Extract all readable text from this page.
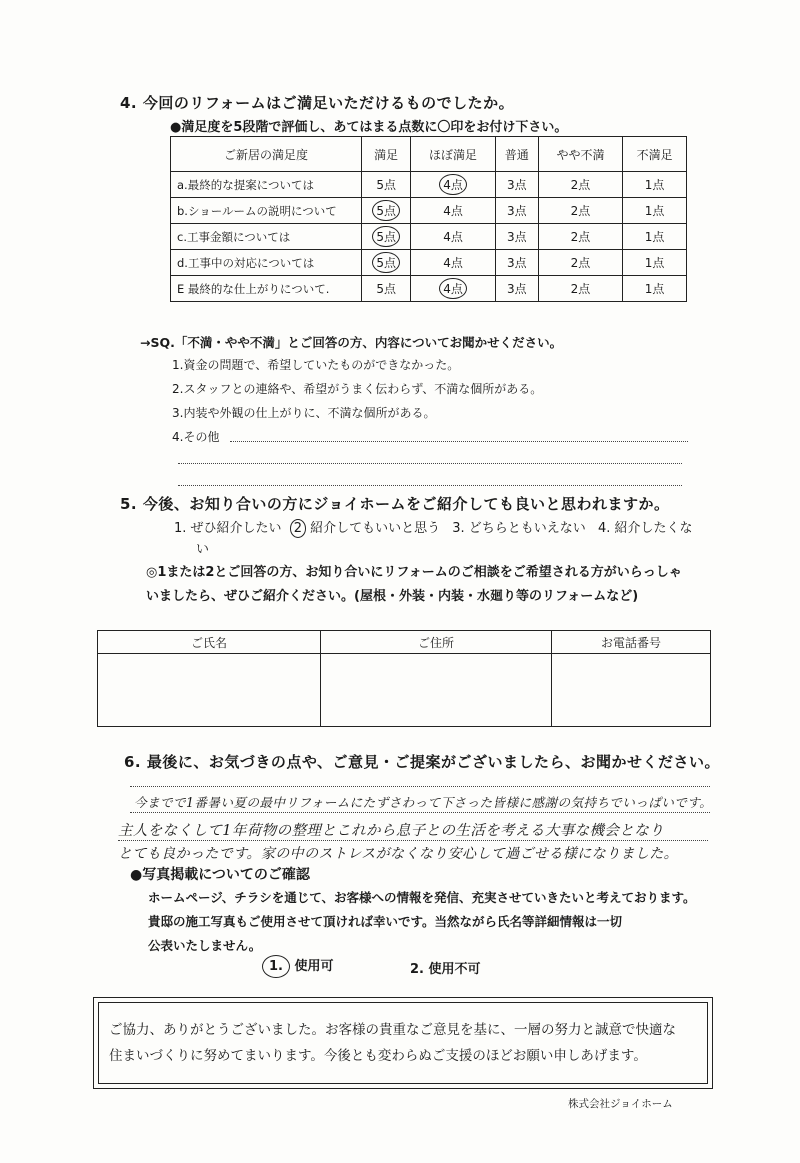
4. 今回のリフォームはご満足いただけるものでしたか。
●満足度を5段階で評価し、あてはまる点数に〇印をお付け下さい。
ご新居の満足度	満足	ほぼ満足	普通	やや不満	不満足
a.最終的な提案については	5点	4点	3点	2点	1点
b.ショールームの説明について	5点	4点	3点	2点	1点
c.工事金額については	5点	4点	3点	2点	1点
d.工事中の対応については	5点	4点	3点	2点	1点
E 最終的な仕上がりについて.	5点	4点	3点	2点	1点
→SQ.「不満・やや不満」とご回答の方、内容についてお聞かせください。
1.資金の問題で、希望していたものができなかった。
2.スタッフとの連絡や、希望がうまく伝わらず、不満な個所がある。
3.内装や外観の仕上がりに、不満な個所がある。
4.その他
5. 今後、お知り合いの方にジョイホームをご紹介しても良いと思われますか。
1. ぜひ紹介したい 2 紹介してもいいと思う 3. どちらともいえない 4. 紹介したくな
い
◎1または2とご回答の方、お知り合いにリフォームのご相談をご希望される方がいらっしゃ
いましたら、ぜひご紹介ください。(屋根・外装・内装・水廻り等のリフォームなど)
ご氏名	ご住所	お電話番号

6. 最後に、お気づきの点や、ご意見・ご提案がございましたら、お聞かせください。
今までで1番暑い夏の最中リフォームにたずさわって下さった皆様に感謝の気持ちでいっぱいです。
主人をなくして1年荷物の整理とこれから息子との生活を考える大事な機会となり
とても良かったです。家の中のストレスがなくなり安心して過ごせる様になりました。
●写真掲載についてのご確認
ホームページ、チラシを通じて、お客様への情報を発信、充実させていきたいと考えております。
貴邸の施工写真もご使用させて頂ければ幸いです。当然ながら氏名等詳細情報は一切
公表いたしません。
1. 使用可	2. 使用不可
ご協力、ありがとうございました。お客様の貴重なご意見を基に、一層の努力と誠意で快適な
住まいづくりに努めてまいります。今後とも変わらぬご支援のほどお願い申しあげます。
株式会社ジョイホーム
